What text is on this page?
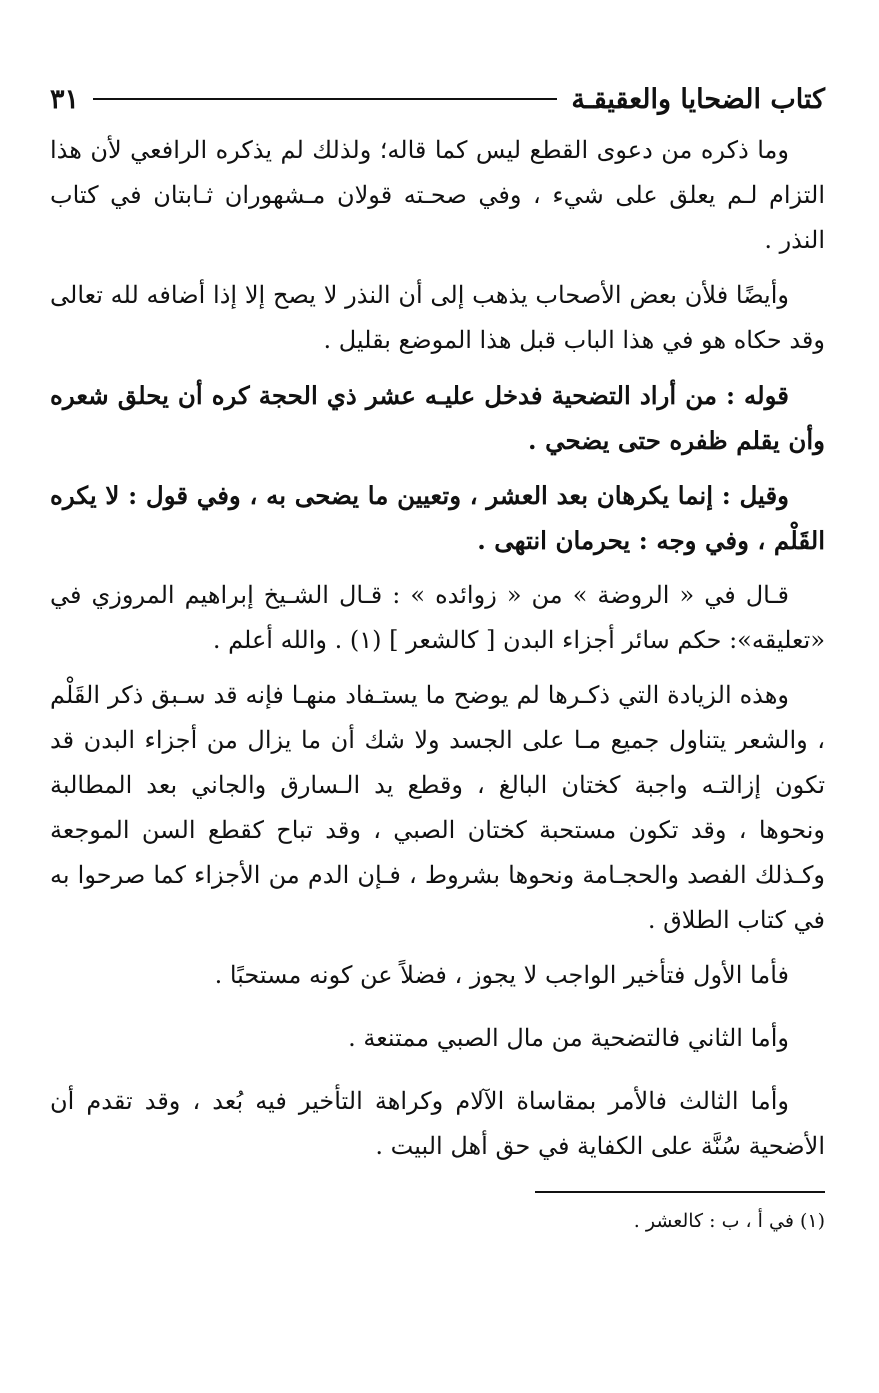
كتاب الضحايا والعقيقـة
٣١

وما ذكره من دعوى القطع ليس كما قاله؛ ولذلك لم يذكره الرافعي لأن هذا التزام لـم يعلق على شيء ، وفي صحـته قولان مـشهوران ثـابتان في كتاب النذر .

وأيضًا فلأن بعض الأصحاب يذهب إلى أن النذر لا يصح إلا إذا أضافه لله تعالى وقد حكاه هو في هذا الباب قبل هذا الموضع بقليل .

قوله : من أراد التضحية فدخل عليـه عشر ذي الحجة كره أن يحلق شعره وأن يقلم ظفره حتى يضحي .

وقيل : إنما يكرهان بعد العشر ، وتعيين ما يضحى به ، وفي قول : لا يكره القَلْم ، وفي وجه : يحرمان انتهى .

قـال في « الروضة » من « زوائده » : قـال الشـيخ إبراهيم المروزي في «تعليقه»: حكم سائر أجزاء البدن [ كالشعر ] (١) . والله أعلم .

وهذه الزيادة التي ذكـرها لم يوضح ما يستـفاد منهـا فإنه قد سـبق ذكر القَلْم ، والشعر يتناول جميع مـا على الجسد ولا شك أن ما يزال من أجزاء البدن قد تكون إزالتـه واجبة كختان البالغ ، وقطع يد الـسارق والجاني بعد المطالبة ونحوها ، وقد تكون مستحبة كختان الصبي ، وقد تباح كقطع السن الموجعة وكـذلك الفصد والحجـامة ونحوها بشروط ، فـإن الدم من الأجزاء كما صرحوا به في كتاب الطلاق .

فأما الأول فتأخير الواجب لا يجوز ، فضلاً عن كونه مستحبًا .

وأما الثاني فالتضحية من مال الصبي ممتنعة .

وأما الثالث فالأمر بمقاساة الآلام وكراهة التأخير فيه بُعد ، وقد تقدم أن الأضحية سُنَّة على الكفاية في حق أهل البيت .

(١) في أ ، ب : كالعشر .
